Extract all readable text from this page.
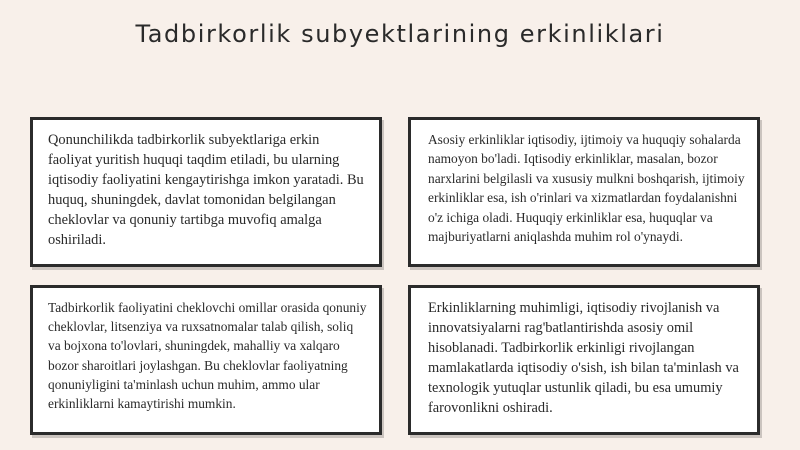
Tadbirkorlik subyektlarining erkinliklari

Qonunchilikda tadbirkorlik subyektlariga erkin faoliyat yuritish huquqi taqdim etiladi, bu ularning iqtisodiy faoliyatini kengaytirishga imkon yaratadi. Bu huquq, shuningdek, davlat tomonidan belgilangan cheklovlar va qonuniy tartibga muvofiq amalga oshiriladi.

Asosiy erkinliklar iqtisodiy, ijtimoiy va huquqiy sohalarda namoyon bo'ladi. Iqtisodiy erkinliklar, masalan, bozor narxlarini belgilasli va xususiy mulkni boshqarish, ijtimoiy erkinliklar esa, ish o'rinlari va xizmatlardan foydalanishni o'z ichiga oladi. Huquqiy erkinliklar esa, huquqlar va majburiyatlarni aniqlashda muhim rol o'ynaydi.

Tadbirkorlik faoliyatini cheklovchi omillar orasida qonuniy cheklovlar, litsenziya va ruxsatnomalar talab qilish, soliq va bojxona to'lovlari, shuningdek, mahalliy va xalqaro bozor sharoitlari joylashgan. Bu cheklovlar faoliyatning qonuniyligini ta'minlash uchun muhim, ammo ular erkinliklarni kamaytirishi mumkin.

Erkinliklarning muhimligi, iqtisodiy rivojlanish va innovatsiyalarni rag'batlantirishda asosiy omil hisoblanadi. Tadbirkorlik erkinligi rivojlangan mamlakatlarda iqtisodiy o'sish, ish bilan ta'minlash va texnologik yutuqlar ustunlik qiladi, bu esa umumiy farovonlikni oshiradi.
